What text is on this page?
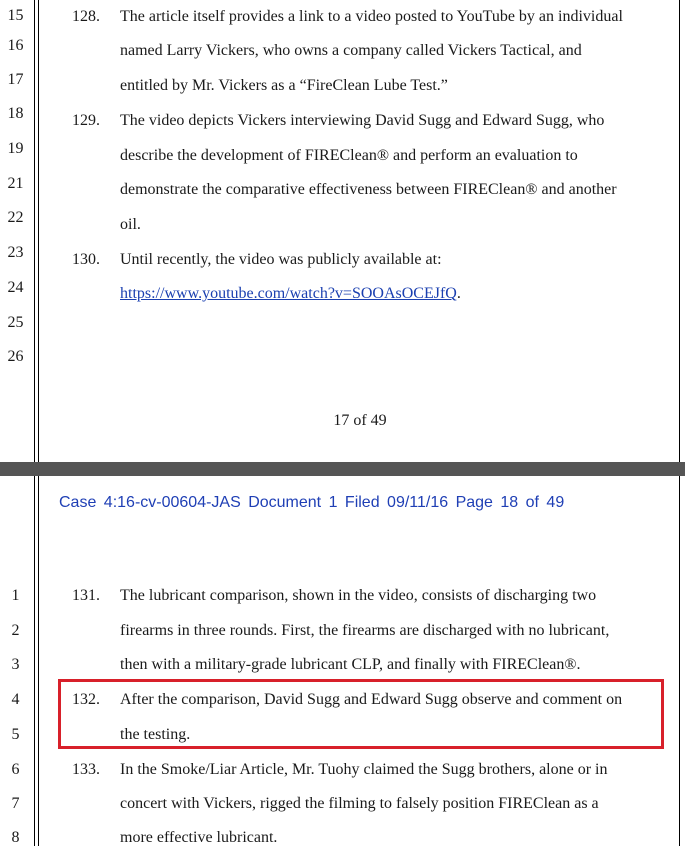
15
16
17
18
19
21
22
23
24
25
26
128. The article itself provides a link to a video posted to YouTube by an individual
named Larry Vickers, who owns a company called Vickers Tactical, and
entitled by Mr. Vickers as a “FireClean Lube Test.”
129. The video depicts Vickers interviewing David Sugg and Edward Sugg, who
describe the development of FIREClean® and perform an evaluation to
demonstrate the comparative effectiveness between FIREClean® and another
oil.
130. Until recently, the video was publicly available at:
https://www.youtube.com/watch?v=SOOAsOCEJfQ.
17 of 49
Case 4:16-cv-00604-JAS Document 1 Filed 09/11/16 Page 18 of 49
1
2
3
4
5
6
7
8
131. The lubricant comparison, shown in the video, consists of discharging two
firearms in three rounds. First, the firearms are discharged with no lubricant,
then with a military-grade lubricant CLP, and finally with FIREClean®.
132. After the comparison, David Sugg and Edward Sugg observe and comment on
the testing.
133. In the Smoke/Liar Article, Mr. Tuohy claimed the Sugg brothers, alone or in
concert with Vickers, rigged the filming to falsely position FIREClean as a
more effective lubricant.
